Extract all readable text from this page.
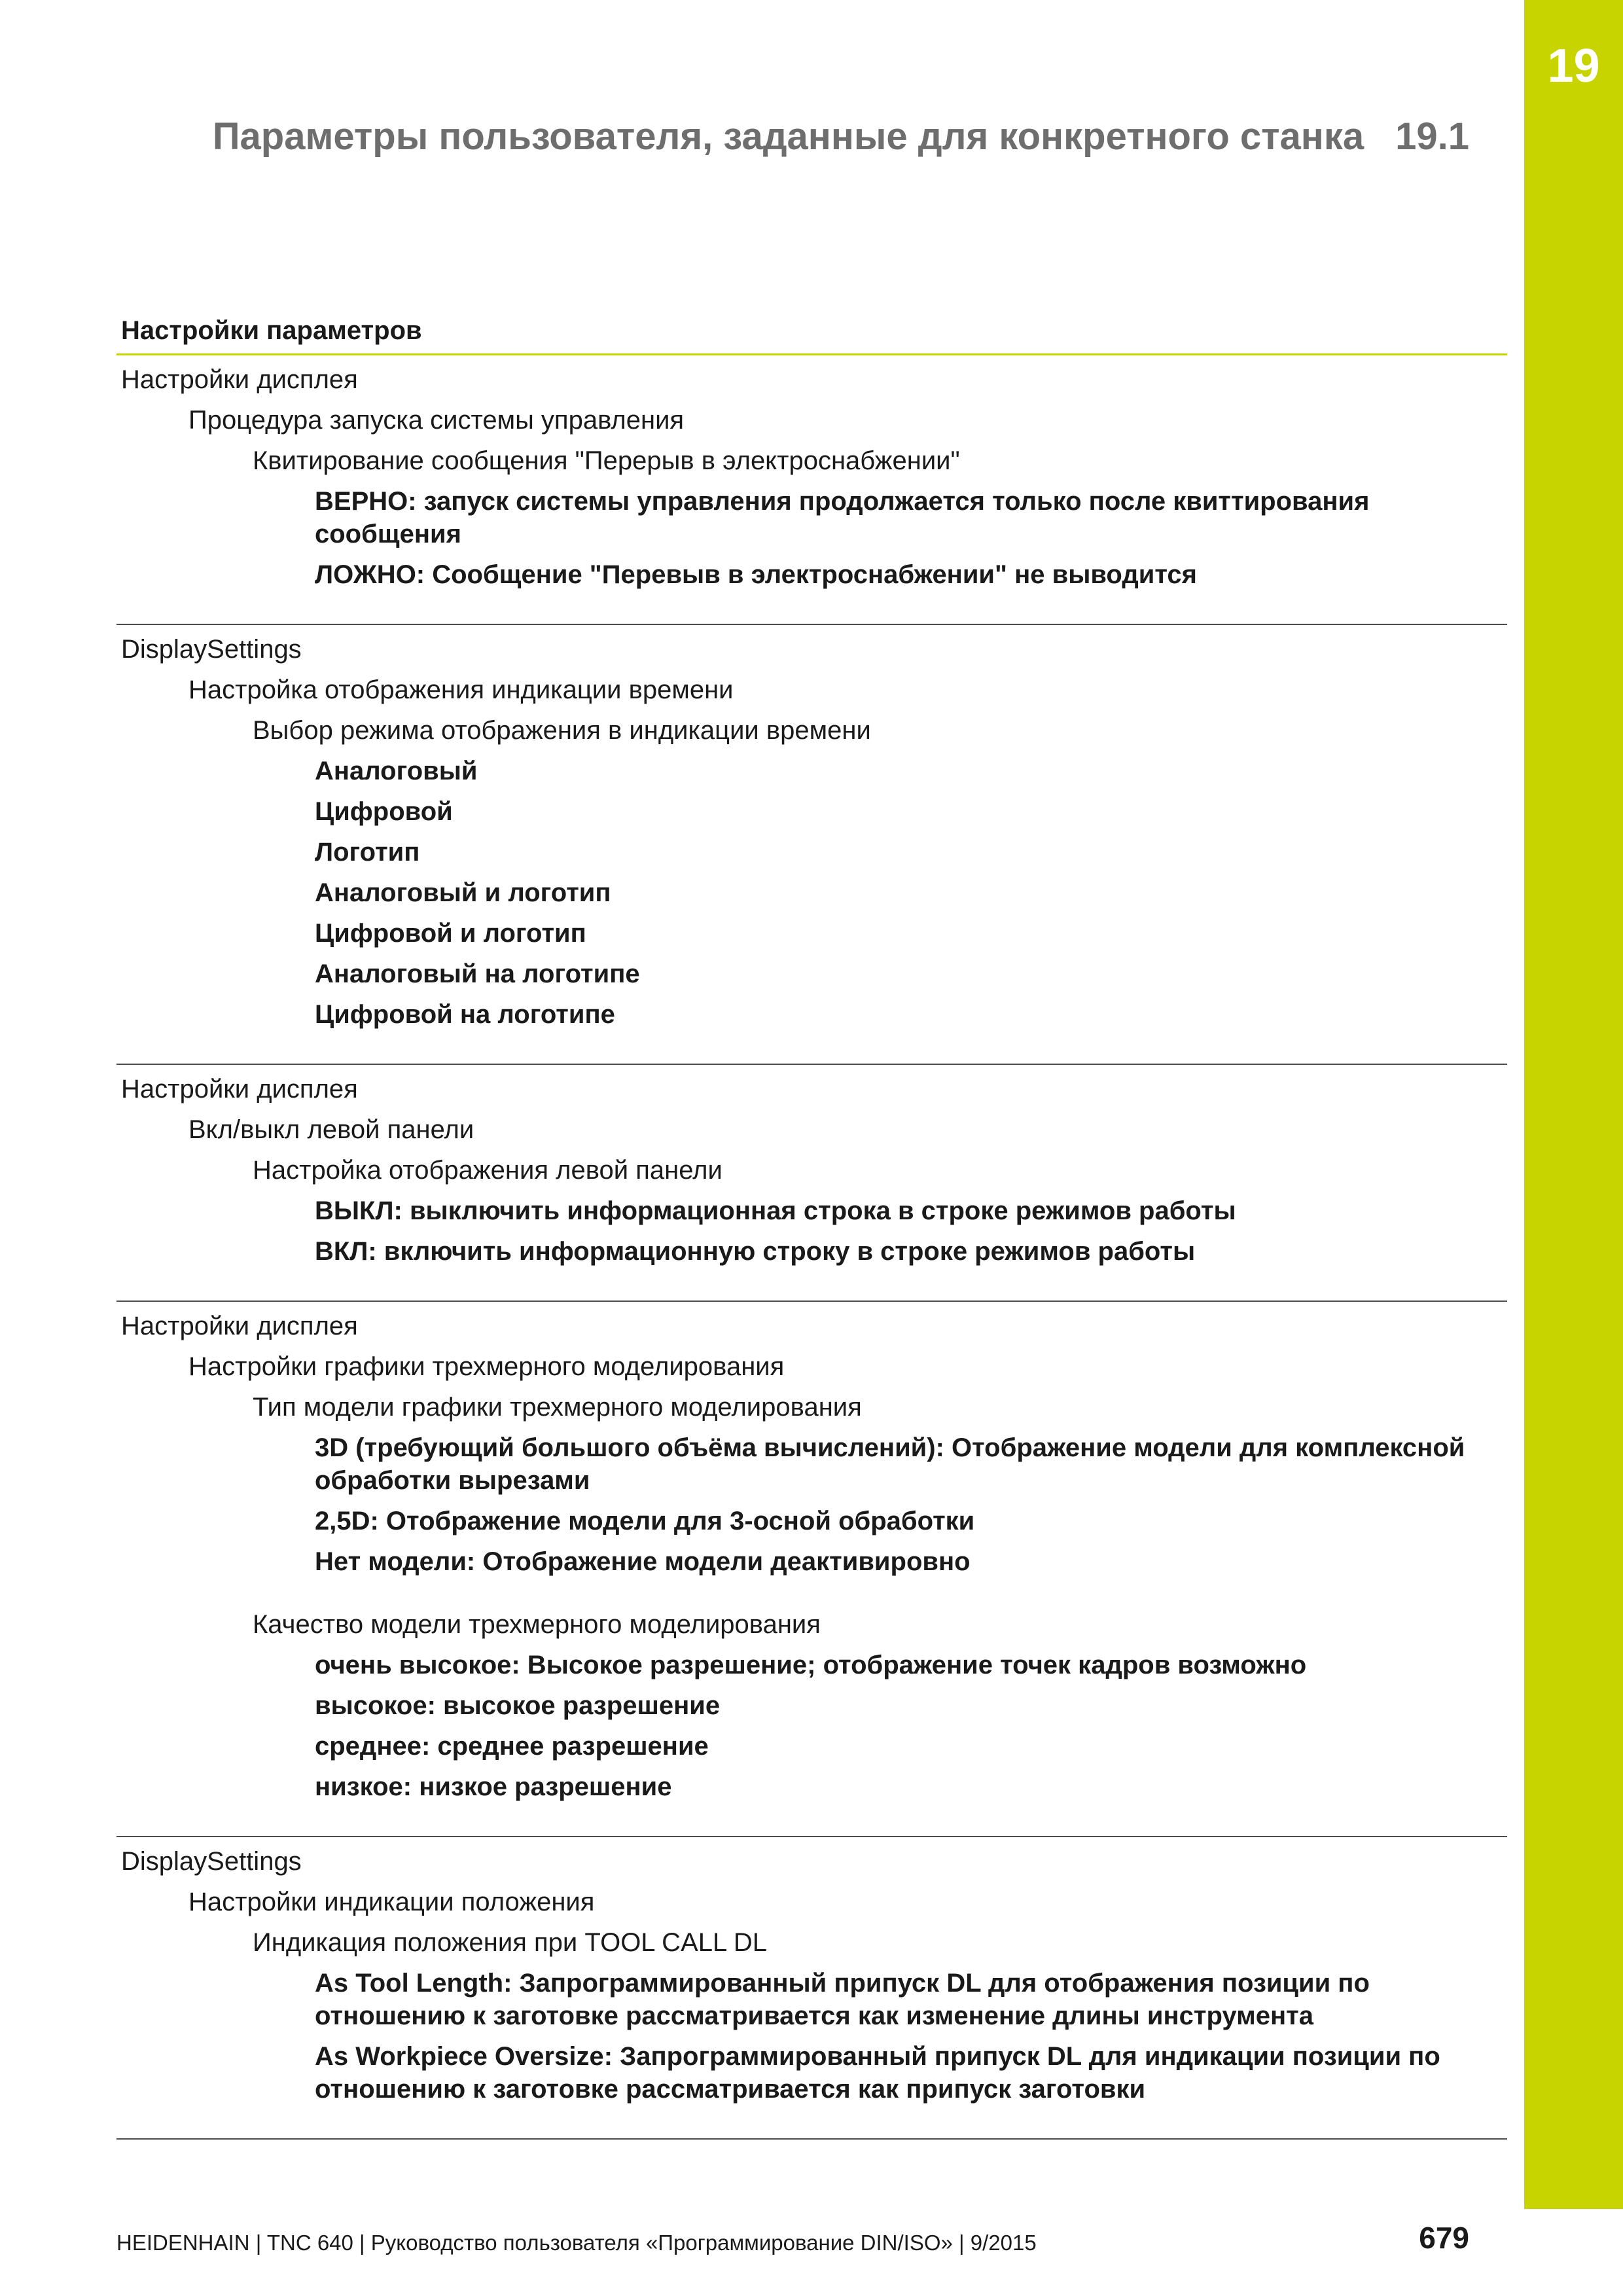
19
Параметры пользователя, заданные для конкретного станка 19.1
Настройки параметров
Настройки дисплея
Процедура запуска системы управления
Квитирование сообщения "Перерыв в электроснабжении"
ВЕРНО: запуск системы управления продолжается только после квиттирования сообщения
ЛОЖНО: Сообщение "Перевыв в электроснабжении" не выводится
DisplaySettings
Настройка отображения индикации времени
Выбор режима отображения в индикации времени
Аналоговый
Цифровой
Логотип
Аналоговый и логотип
Цифровой и логотип
Аналоговый на логотипе
Цифровой на логотипе
Настройки дисплея
Вкл/выкл левой панели
Настройка отображения левой панели
ВЫКЛ: выключить информационная строка в строке режимов работы
ВКЛ: включить информационную строку в строке режимов работы
Настройки дисплея
Настройки графики трехмерного моделирования
Тип модели графики трехмерного моделирования
3D (требующий большого объёма вычислений): Отображение модели для комплексной обработки вырезами
2,5D: Отображение модели для 3-осной обработки
Нет модели: Отображение модели деактивировно
Качество модели трехмерного моделирования
очень высокое: Высокое разрешение; отображение точек кадров возможно
высокое: высокое разрешение
среднее: среднее разрешение
низкое: низкое разрешение
DisplaySettings
Настройки индикации положения
Индикация положения при TOOL CALL DL
As Tool Length: Запрограммированный припуск DL для отображения позиции по отношению к заготовке рассматривается как изменение длины инструмента
As Workpiece Oversize: Запрограммированный припуск DL для индикации позиции по отношению к заготовке рассматривается как припуск заготовки
HEIDENHAIN | TNC 640 | Руководство пользователя «Программирование DIN/ISO» | 9/2015	679
